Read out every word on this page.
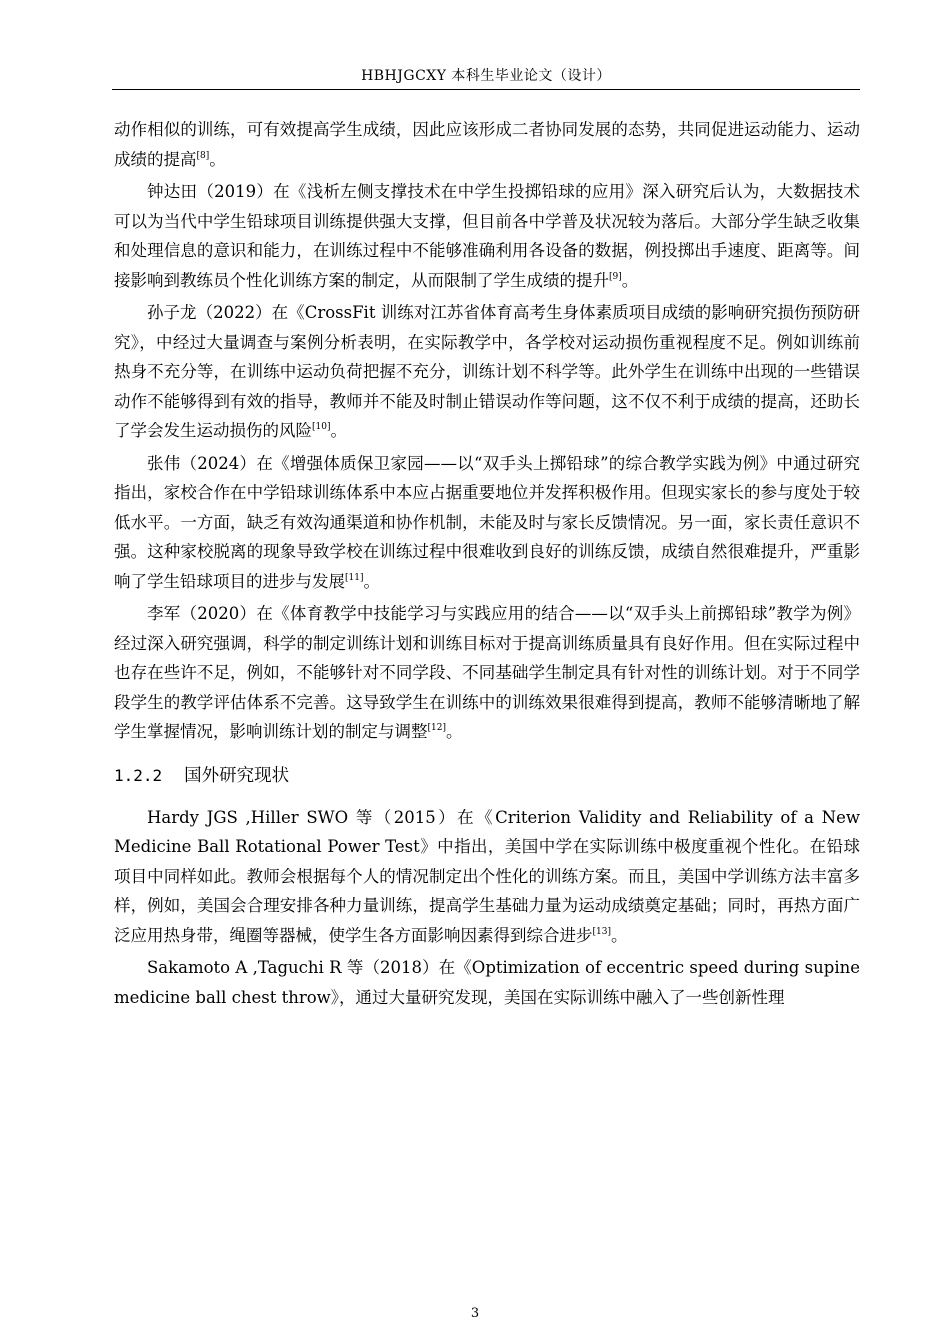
HBHJGCXY 本科生毕业论文（设计）

动作相似的训练，可有效提高学生成绩，因此应该形成二者协同发展的态势，共同促进运动能力、运动成绩的提高[8]。

钟达田（2019）在《浅析左侧支撑技术在中学生投掷铅球的应用》深入研究后认为，大数据技术可以为当代中学生铅球项目训练提供强大支撑，但目前各中学普及状况较为落后。大部分学生缺乏收集和处理信息的意识和能力，在训练过程中不能够准确利用各设备的数据，例投掷出手速度、距离等。间接影响到教练员个性化训练方案的制定，从而限制了学生成绩的提升[9]。

孙子龙（2022）在《CrossFit 训练对江苏省体育高考生身体素质项目成绩的影响研究损伤预防研究》，中经过大量调查与案例分析表明，在实际教学中，各学校对运动损伤重视程度不足。例如训练前热身不充分等，在训练中运动负荷把握不充分，训练计划不科学等。此外学生在训练中出现的一些错误动作不能够得到有效的指导，教师并不能及时制止错误动作等问题，这不仅不利于成绩的提高，还助长了学会发生运动损伤的风险[10]。

张伟（2024）在《增强体质保卫家园——以“双手头上掷铅球”的综合教学实践为例》中通过研究指出，家校合作在中学铅球训练体系中本应占据重要地位并发挥积极作用。但现实家长的参与度处于较低水平。一方面，缺乏有效沟通渠道和协作机制，未能及时与家长反馈情况。另一面，家长责任意识不强。这种家校脱离的现象导致学校在训练过程中很难收到良好的训练反馈，成绩自然很难提升，严重影响了学生铅球项目的进步与发展[11]。

李军（2020）在《体育教学中技能学习与实践应用的结合——以“双手头上前掷铅球”教学为例》经过深入研究强调，科学的制定训练计划和训练目标对于提高训练质量具有良好作用。但在实际过程中也存在些许不足，例如，不能够针对不同学段、不同基础学生制定具有针对性的训练计划。对于不同学段学生的教学评估体系不完善。这导致学生在训练中的训练效果很难得到提高，教师不能够清晰地了解学生掌握情况，影响训练计划的制定与调整[12]。

1.2.2 国外研究现状

Hardy JGS ,Hiller SWO 等（2015）在《Criterion Validity and Reliability of a New Medicine Ball Rotational Power Test》中指出，美国中学在实际训练中极度重视个性化。在铅球项目中同样如此。教师会根据每个人的情况制定出个性化的训练方案。而且，美国中学训练方法丰富多样，例如，美国会合理安排各种力量训练，提高学生基础力量为运动成绩奠定基础；同时，再热方面广泛应用热身带，绳圈等器械，使学生各方面影响因素得到综合进步[13]。

Sakamoto A ,Taguchi R 等（2018）在《Optimization of eccentric speed during supine medicine ball chest throw》，通过大量研究发现，美国在实际训练中融入了一些创新性理

3
